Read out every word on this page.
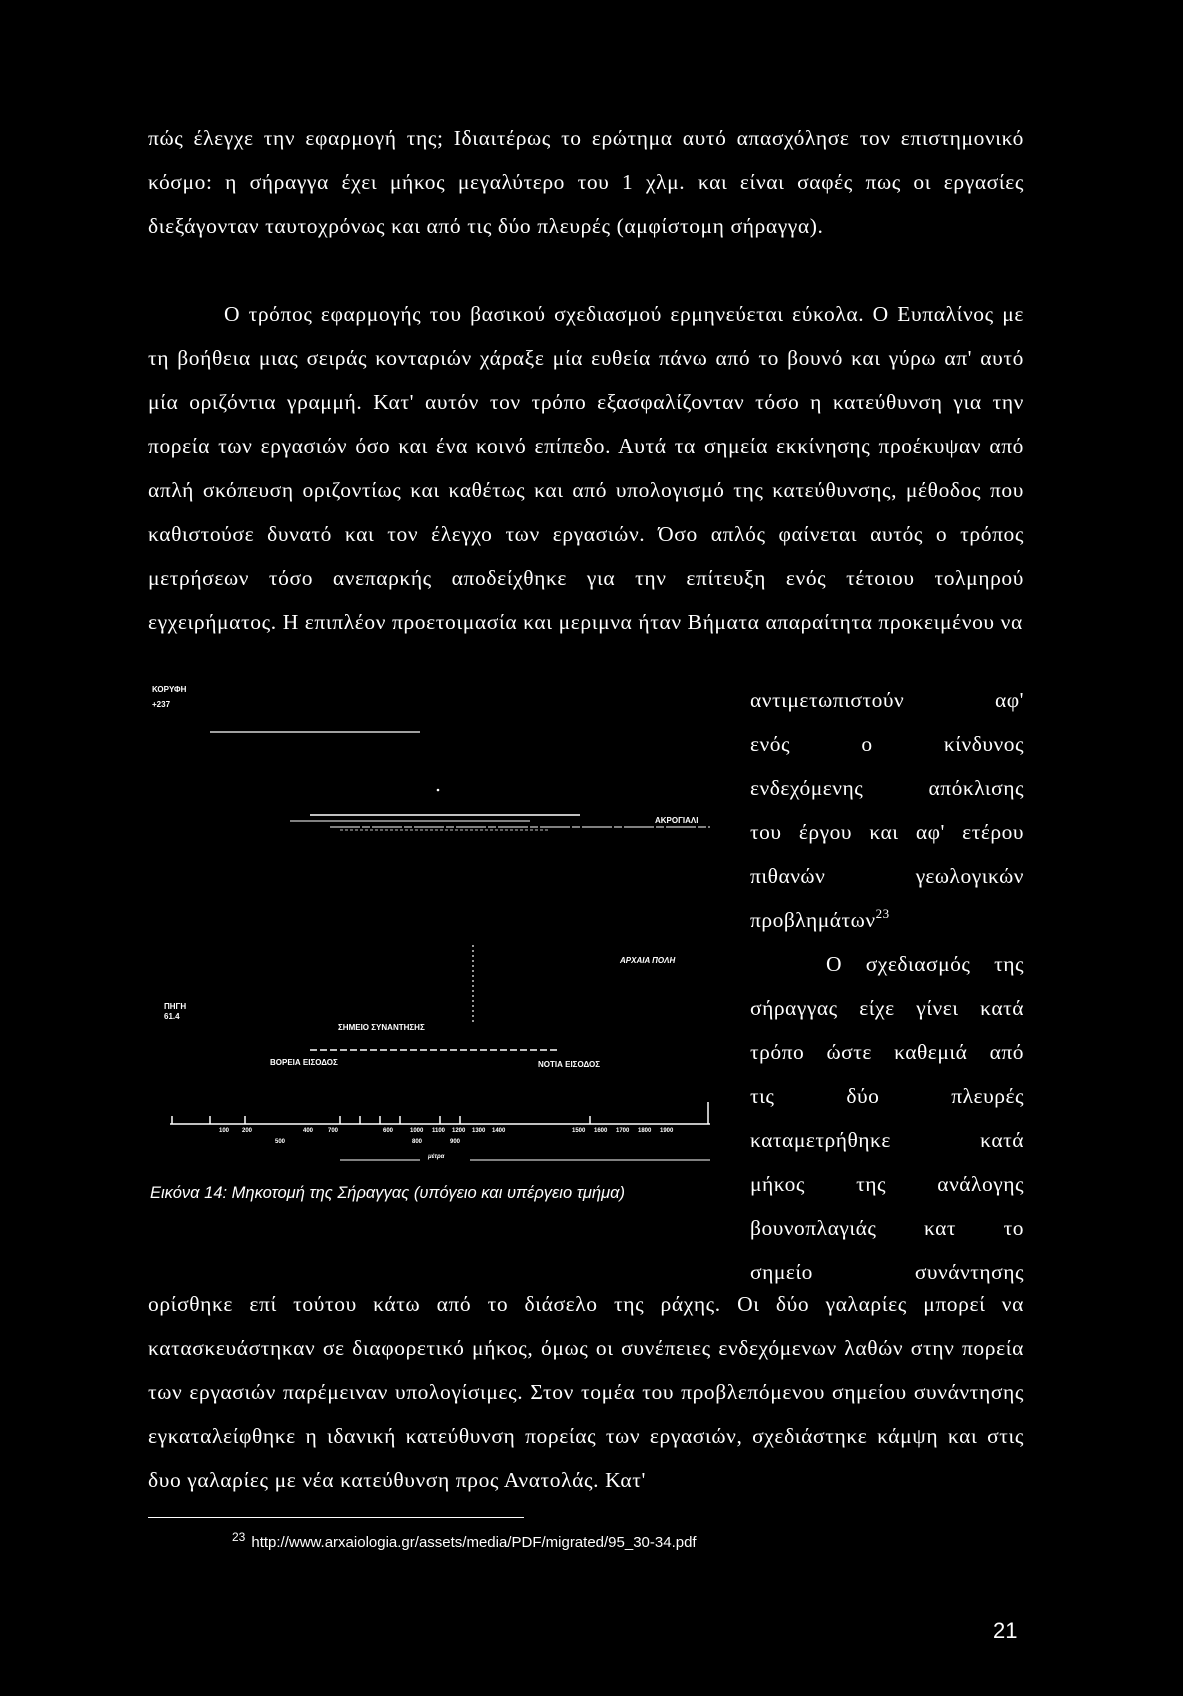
πώς έλεγχε την εφαρμογή της; Ιδιαιτέρως το ερώτημα αυτό απασχόλησε τον επιστημονικό κόσμο: η σήραγγα έχει μήκος μεγαλύτερο του 1 χλμ. και είναι σαφές πως οι εργασίες διεξάγονταν ταυτοχρόνως και από τις δύο πλευρές (αμφίστομη σήραγγα).

Ο τρόπος εφαρμογής του βασικού σχεδιασμού ερμηνεύεται εύκολα. Ο Ευπαλίνος με τη βοήθεια μιας σειράς κονταριών χάραξε μία ευθεία πάνω από το βουνό και γύρω απ' αυτό μία οριζόντια γραμμή. Κατ' αυτόν τον τρόπο εξασφαλίζονταν τόσο η κατεύθυνση για την πορεία των εργασιών όσο και ένα κοινό επίπεδο. Αυτά τα σημεία εκκίνησης προέκυψαν από απλή σκόπευση οριζοντίως και καθέτως και από υπολογισμό της κατεύθυνσης, μέθοδος που καθιστούσε δυνατό και τον έλεγχο των εργασιών. Όσο απλός φαίνεται αυτός ο τρόπος μετρήσεων τόσο ανεπαρκής αποδείχθηκε για την επίτευξη ενός τέτοιου τολμηρού εγχειρήματος. Η επιπλέον προετοιμασία και μεριμνα ήταν Βήματα απαραίτητα προκειμένου να

αντιμετωπιστούν αφ'
ενός ο κίνδυνος
ενδεχόμενης απόκλισης
του έργου και αφ' ετέρου
πιθανών γεωλογικών
προβλημάτων$^{23}$
Ο σχεδιασμός της
σήραγγας είχε γίνει κατά
τρόπο ώστε καθεμιά από
τις δύο πλευρές
καταμετρήθηκε κατά
μήκος της ανάλογης
βουνοπλαγιάς κατ το
σημείο συνάντησης
ΚΟΡΥΦΗ
+237
ΑΚΡΟΓΙΑΛΙ
ΑΡΧΑΙΑ ΠΟΛΗ
ΠΗΓΗ
61.4
ΣΗΜΕΙΟ ΣΥΝΑΝΤΗΣΗΣ
ΒΟΡΕΙΑ ΕΙΣΟΔΟΣ	ΝΟΤΙΑ ΕΙΣΟΔΟΣ
100 200	400
500
600
700
800	900
1000 1100 1200 1300 1400	1500 1600 1700 1800 1900
μέτρα
Εικόνα 14: Μηκοτομή της Σήραγγας (υπόγειο και υπέργειο τμήμα)

ορίσθηκε επί τούτου κάτω από το διάσελο της ράχης. Οι δύο γαλαρίες μπορεί να κατασκευάστηκαν σε διαφορετικό μήκος, όμως οι συνέπειες ενδεχόμενων λαθών στην πορεία των εργασιών παρέμειναν υπολογίσιμες. Στον τομέα του προβλεπόμενου σημείου συνάντησης εγκαταλείφθηκε η ιδανική κατεύθυνση πορείας των εργασιών, σχεδιάστηκε κάμψη και στις δυο γαλαρίες με νέα κατεύθυνση προς Ανατολάς. Κατ'

$^{23}$ http://www.arxaiologia.gr/assets/media/PDF/migrated/95_30-34.pdf
21
